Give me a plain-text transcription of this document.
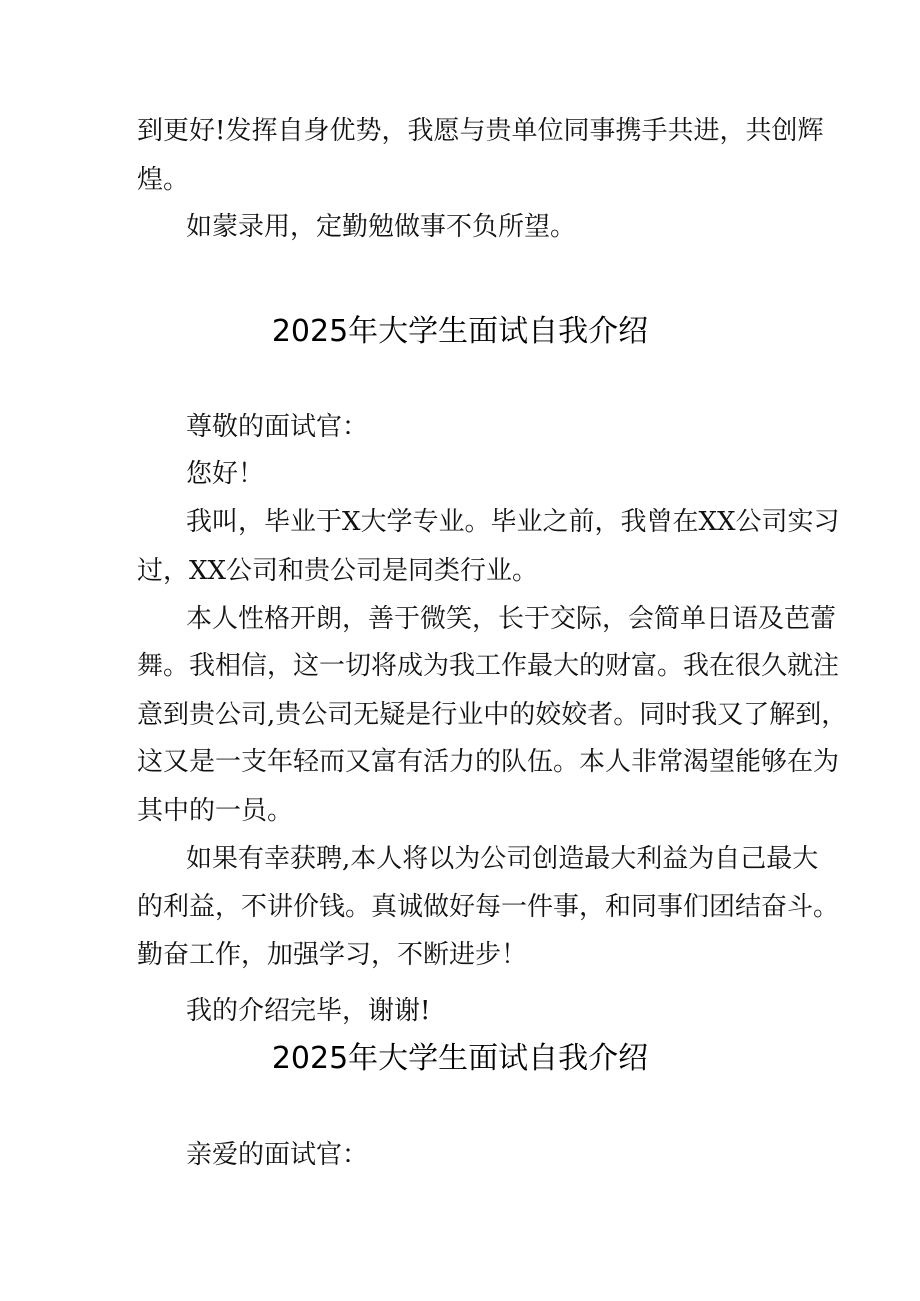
到更好!发挥自身优势，我愿与贵单位同事携手共进，共创辉
煌。
如蒙录用，定勤勉做事不负所望。
2025年大学生面试自我介绍
尊敬的面试官：
您好！
我叫，毕业于X大学专业。毕业之前，我曾在XX公司实习
过，XX公司和贵公司是同类行业。
本人性格开朗，善于微笑，长于交际，会简单日语及芭蕾
舞。我相信，这一切将成为我工作最大的财富。我在很久就注
意到贵公司,贵公司无疑是行业中的姣姣者。同时我又了解到，
这又是一支年轻而又富有活力的队伍。本人非常渴望能够在为
其中的一员。
如果有幸获聘,本人将以为公司创造最大利益为自己最大
的利益，不讲价钱。真诚做好每一件事，和同事们团结奋斗。
勤奋工作，加强学习，不断进步！
我的介绍完毕，谢谢!
2025年大学生面试自我介绍
亲爱的面试官：
